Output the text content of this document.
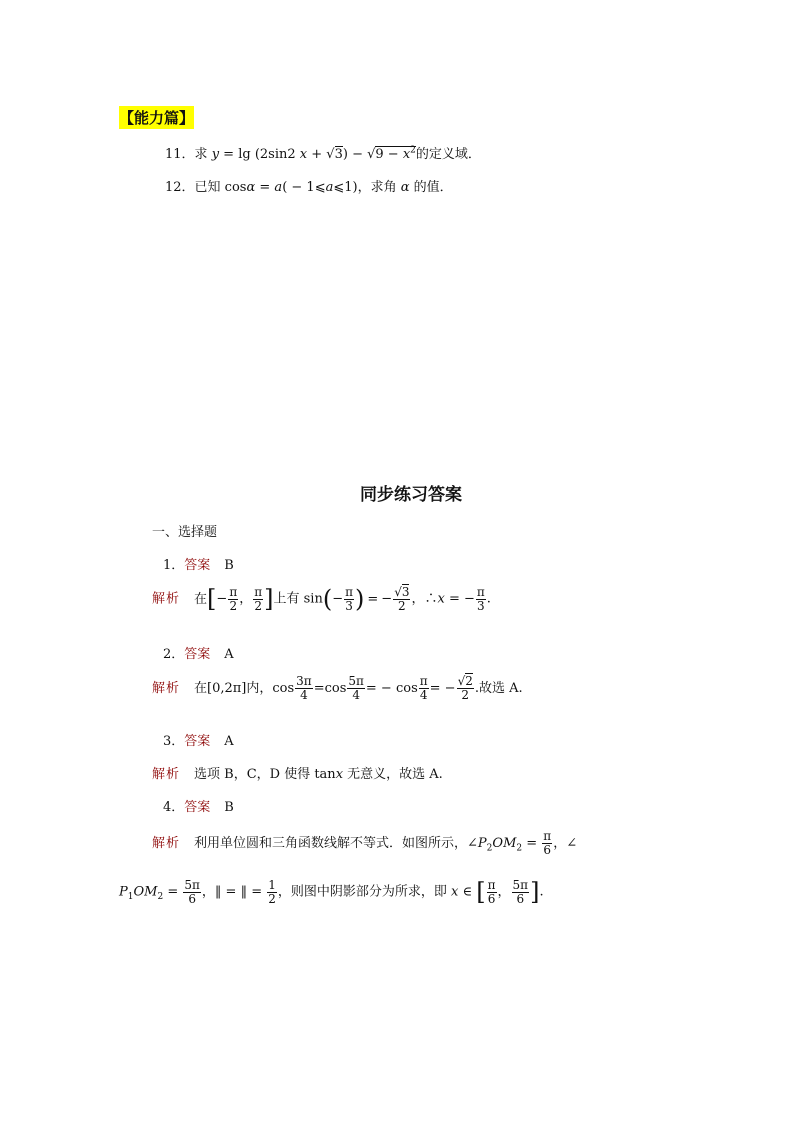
【能力篇】
11．求 y = lg (2sin2 $x + √3) - √9 - x^2$的定义域．
12．已知 cosα = a( − 1⩽a⩽1)，求角 α 的值．
同步练习答案
一、选择题
1．答案 B
解析 在[− $\frac{\pi}{2}$ ， $\frac{\pi}{2}$ ]上有 $\sin(- \frac{\pi}{3}$ ) = − $\frac{√3}{2}$ ，∴x = − $\frac{\pi}{3}$ .
2．答案 A
解析 在[0,2π]内，$\cos \frac{3\pi}{4} =\cos \frac{5\pi}{4}$ = − $\cos \frac{\pi}{4}$ = − $\frac{√2}{2}$ .故选 A.
3．答案 A
解析 选项 B，C，D 使得 tanx 无意义，故选 A.
4．答案 B
解析 利用单位圆和三角函数线解不等式．如图所示，$\angle P_2OM_2 = \frac{\pi}{6}$ ，∠
$P_1OM_2 = \frac{5\pi}{6}$ ，‖ = ‖ = $\frac{1}{2}$ ，则图中阴影部分为所求，即 x ∈ [ $\frac{\pi}{6}$ ， $\frac{5\pi}{6}$ ].
